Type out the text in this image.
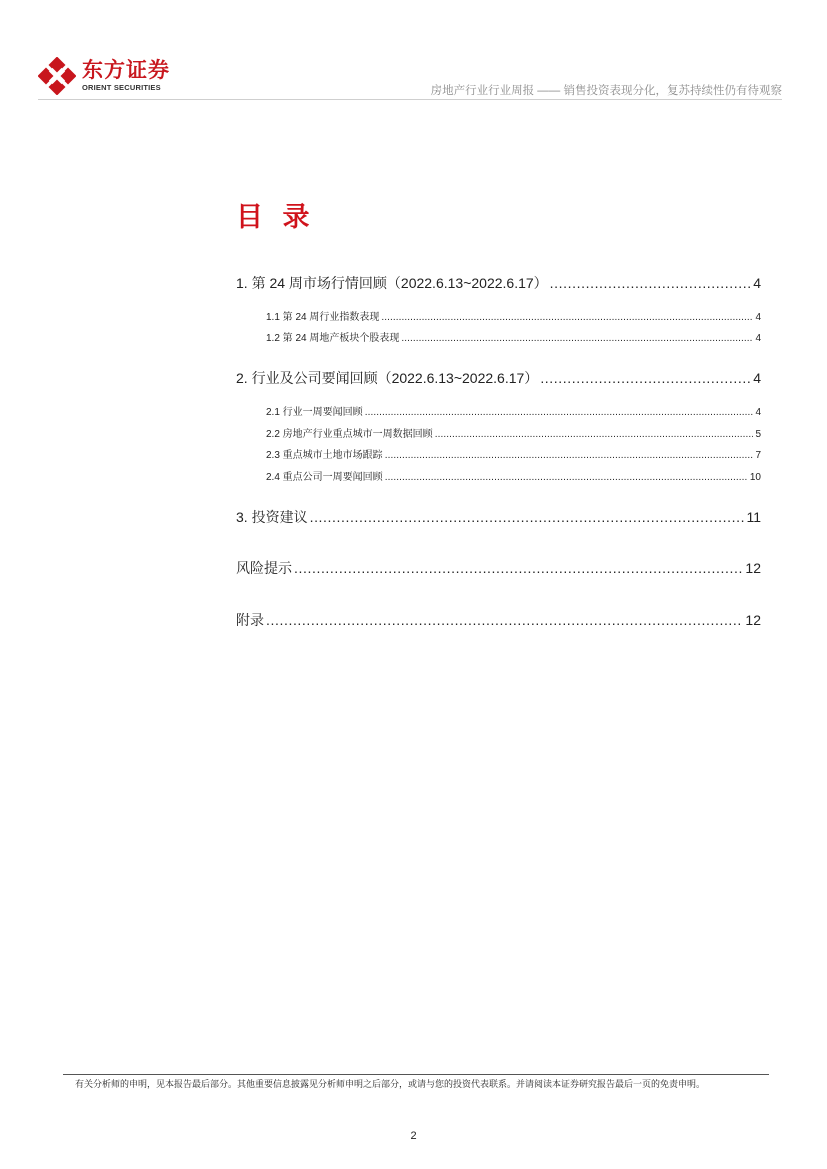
东方证券
ORIENT SECURITIES	房地产行业行业周报 —— 销售投资表现分化，复苏持续性仍有待观察
目 录
1. 第 24 周市场行情回顾（2022.6.13~2022.6.17） .....	4
1.1 第 24 周行业指数表现 .....	4
1.2 第 24 周地产板块个股表现 .....	4
2. 行业及公司要闻回顾（2022.6.13~2022.6.17） .....	4
2.1 行业一周要闻回顾 .....	4
2.2 房地产行业重点城市一周数据回顾 .....	5
2.3 重点城市土地市场跟踪 .....	7
2.4 重点公司一周要闻回顾 .....	10
3. 投资建议 .....	11
风险提示 .....	12
附录 .....	12
有关分析师的申明，见本报告最后部分。其他重要信息披露见分析师申明之后部分，或请与您的投资代表联系。并请阅读本证券研究报告最后一页的免责申明。
2
